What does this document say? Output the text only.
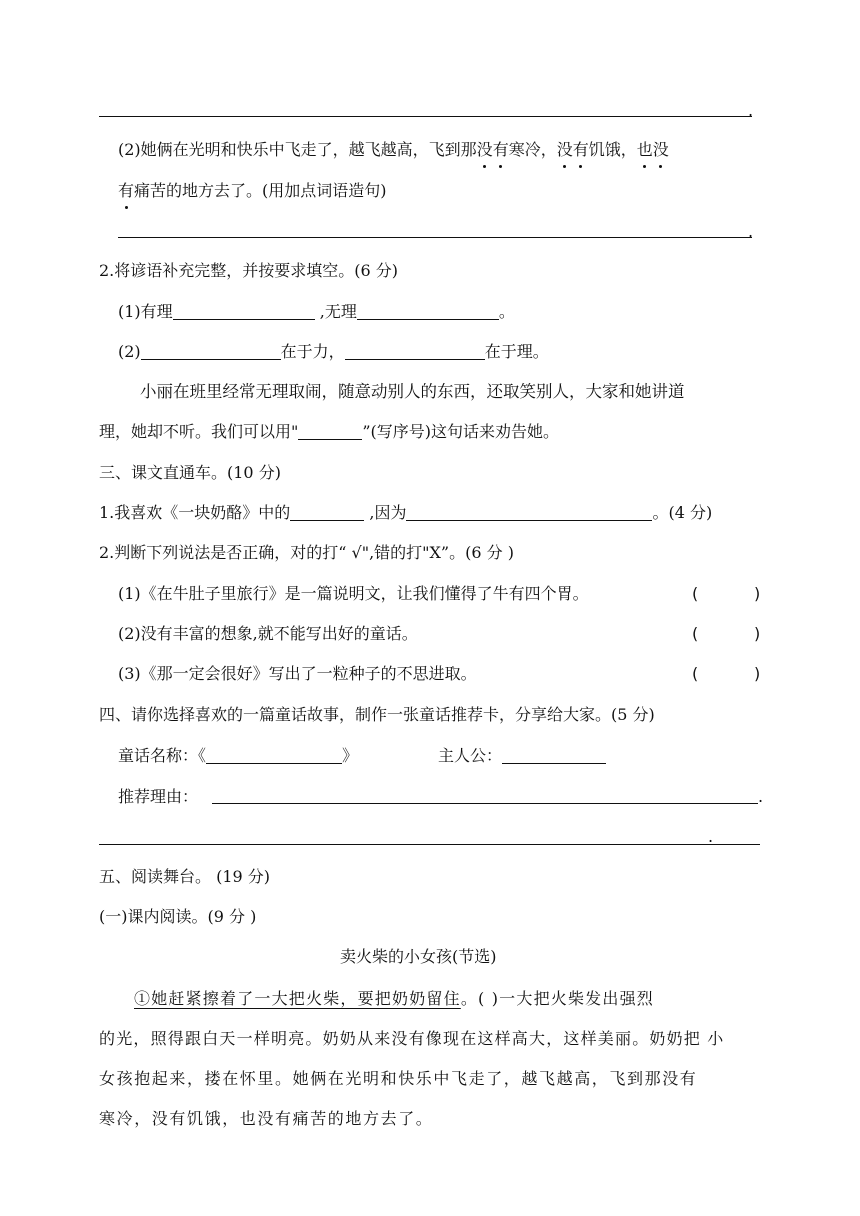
.
(2)她俩在光明和快乐中飞走了，越飞越高，飞到那没有寒冷，没有饥饿，也没
有痛苦的地方去了。(用加点词语造句)
.
2.将谚语补充完整，并按要求填空。(6 分)
(1)有理	,无理	。
(2)	在于力，	在于理。
小丽在班里经常无理取闹，随意动别人的东西，还取笑别人，大家和她讲道
理，她却不听。我们可以用"	”(写序号)这句话来劝告她。
三、课文直通车。(10 分)
1.我喜欢《一块奶酪》中的	,因为	。(4 分)
2.判断下列说法是否正确，对的打“ √",错的打"X”。(6 分 )
(1)《在牛肚子里旅行》是一篇说明文，让我们懂得了牛有四个胃。	(	)
(2)没有丰富的想象,就不能写出好的童话。	(	)
(3)《那一定会很好》写出了一粒种子的不思进取。	(	)
四、请你选择喜欢的一篇童话故事，制作一张童话推荐卡，分享给大家。(5 分)
童话名称：《	》	主人公：
推荐理由：	.
.
五、阅读舞台。 (19 分)
(一)课内阅读。(9 分 )
卖火柴的小女孩(节选)
①她赶紧擦着了一大把火柴，要把奶奶留住。( )一大把火柴发出强烈
的光，照得跟白天一样明亮。奶奶从来没有像现在这样高大，这样美丽。奶奶把 小
女孩抱起来，搂在怀里。她俩在光明和快乐中飞走了，越飞越高，飞到那没有
寒冷，没有饥饿，也没有痛苦的地方去了。
